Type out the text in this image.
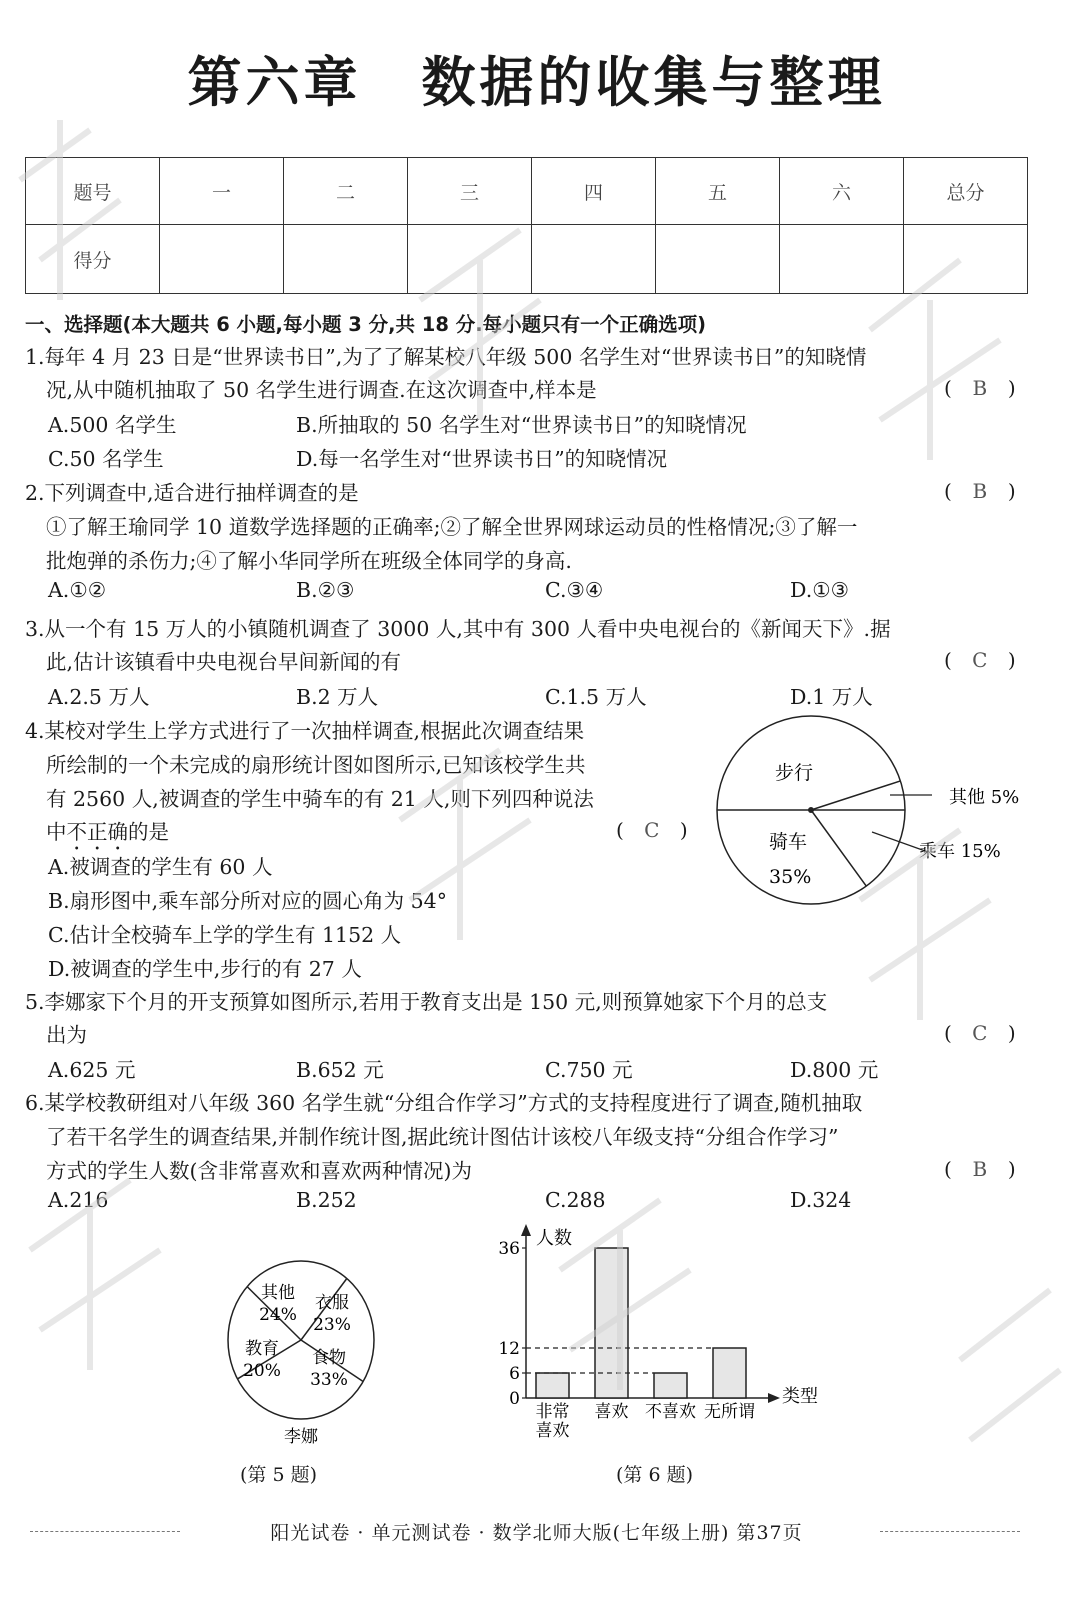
第六章 数据的收集与整理
题号	一	二	三	四	五	六	总分
得分							
一、选择题(本大题共 6 小题,每小题 3 分,共 18 分.每小题只有一个正确选项)
1.每年 4 月 23 日是“世界读书日”,为了了解某校八年级 500 名学生对“世界读书日”的知晓情
况,从中随机抽取了 50 名学生进行调查.在这次调查中,样本是	( B )
A.500 名学生	B.所抽取的 50 名学生对“世界读书日”的知晓情况
C.50 名学生	D.每一名学生对“世界读书日”的知晓情况
2.下列调查中,适合进行抽样调查的是	( B )
①了解王瑜同学 10 道数学选择题的正确率;②了解全世界网球运动员的性格情况;③了解一
批炮弹的杀伤力;④了解小华同学所在班级全体同学的身高.
A.①②	B.②③	C.③④	D.①③
3.从一个有 15 万人的小镇随机调查了 3000 人,其中有 300 人看中央电视台的《新闻天下》.据
此,估计该镇看中央电视台早间新闻的有	( C )
A.2.5 万人	B.2 万人	C.1.5 万人	D.1 万人
4.某校对学生上学方式进行了一次抽样调查,根据此次调查结果
所绘制的一个未完成的扇形统计图如图所示,已知该校学生共
有 2560 人,被调查的学生中骑车的有 21 人,则下列四种说法
中不正确的是	( C )
A.被调查的学生有 60 人
B.扇形图中,乘车部分所对应的圆心角为 54°
C.估计全校骑车上学的学生有 1152 人
D.被调查的学生中,步行的有 27 人
步行
其他 5%
乘车 15%
骑车
35%
5.李娜家下个月的开支预算如图所示,若用于教育支出是 150 元,则预算她家下个月的总支
出为	( C )
A.625 元	B.652 元	C.750 元	D.800 元
6.某学校教研组对八年级 360 名学生就“分组合作学习”方式的支持程度进行了调查,随机抽取
了若干名学生的调查结果,并制作统计图,据此统计图估计该校八年级支持“分组合作学习”
方式的学生人数(含非常喜欢和喜欢两种情况)为	( B )
A.216	B.252	C.288	D.324
其他 24%
衣服 23%
食物 33%
教育 20%
李娜
(第 5 题)
人数
类型
0
6
12
36
非常喜欢
喜欢 不喜欢 无所谓
(第 6 题)
阳光试卷 · 单元测试卷 · 数学北师大版(七年级上册) 第37页
